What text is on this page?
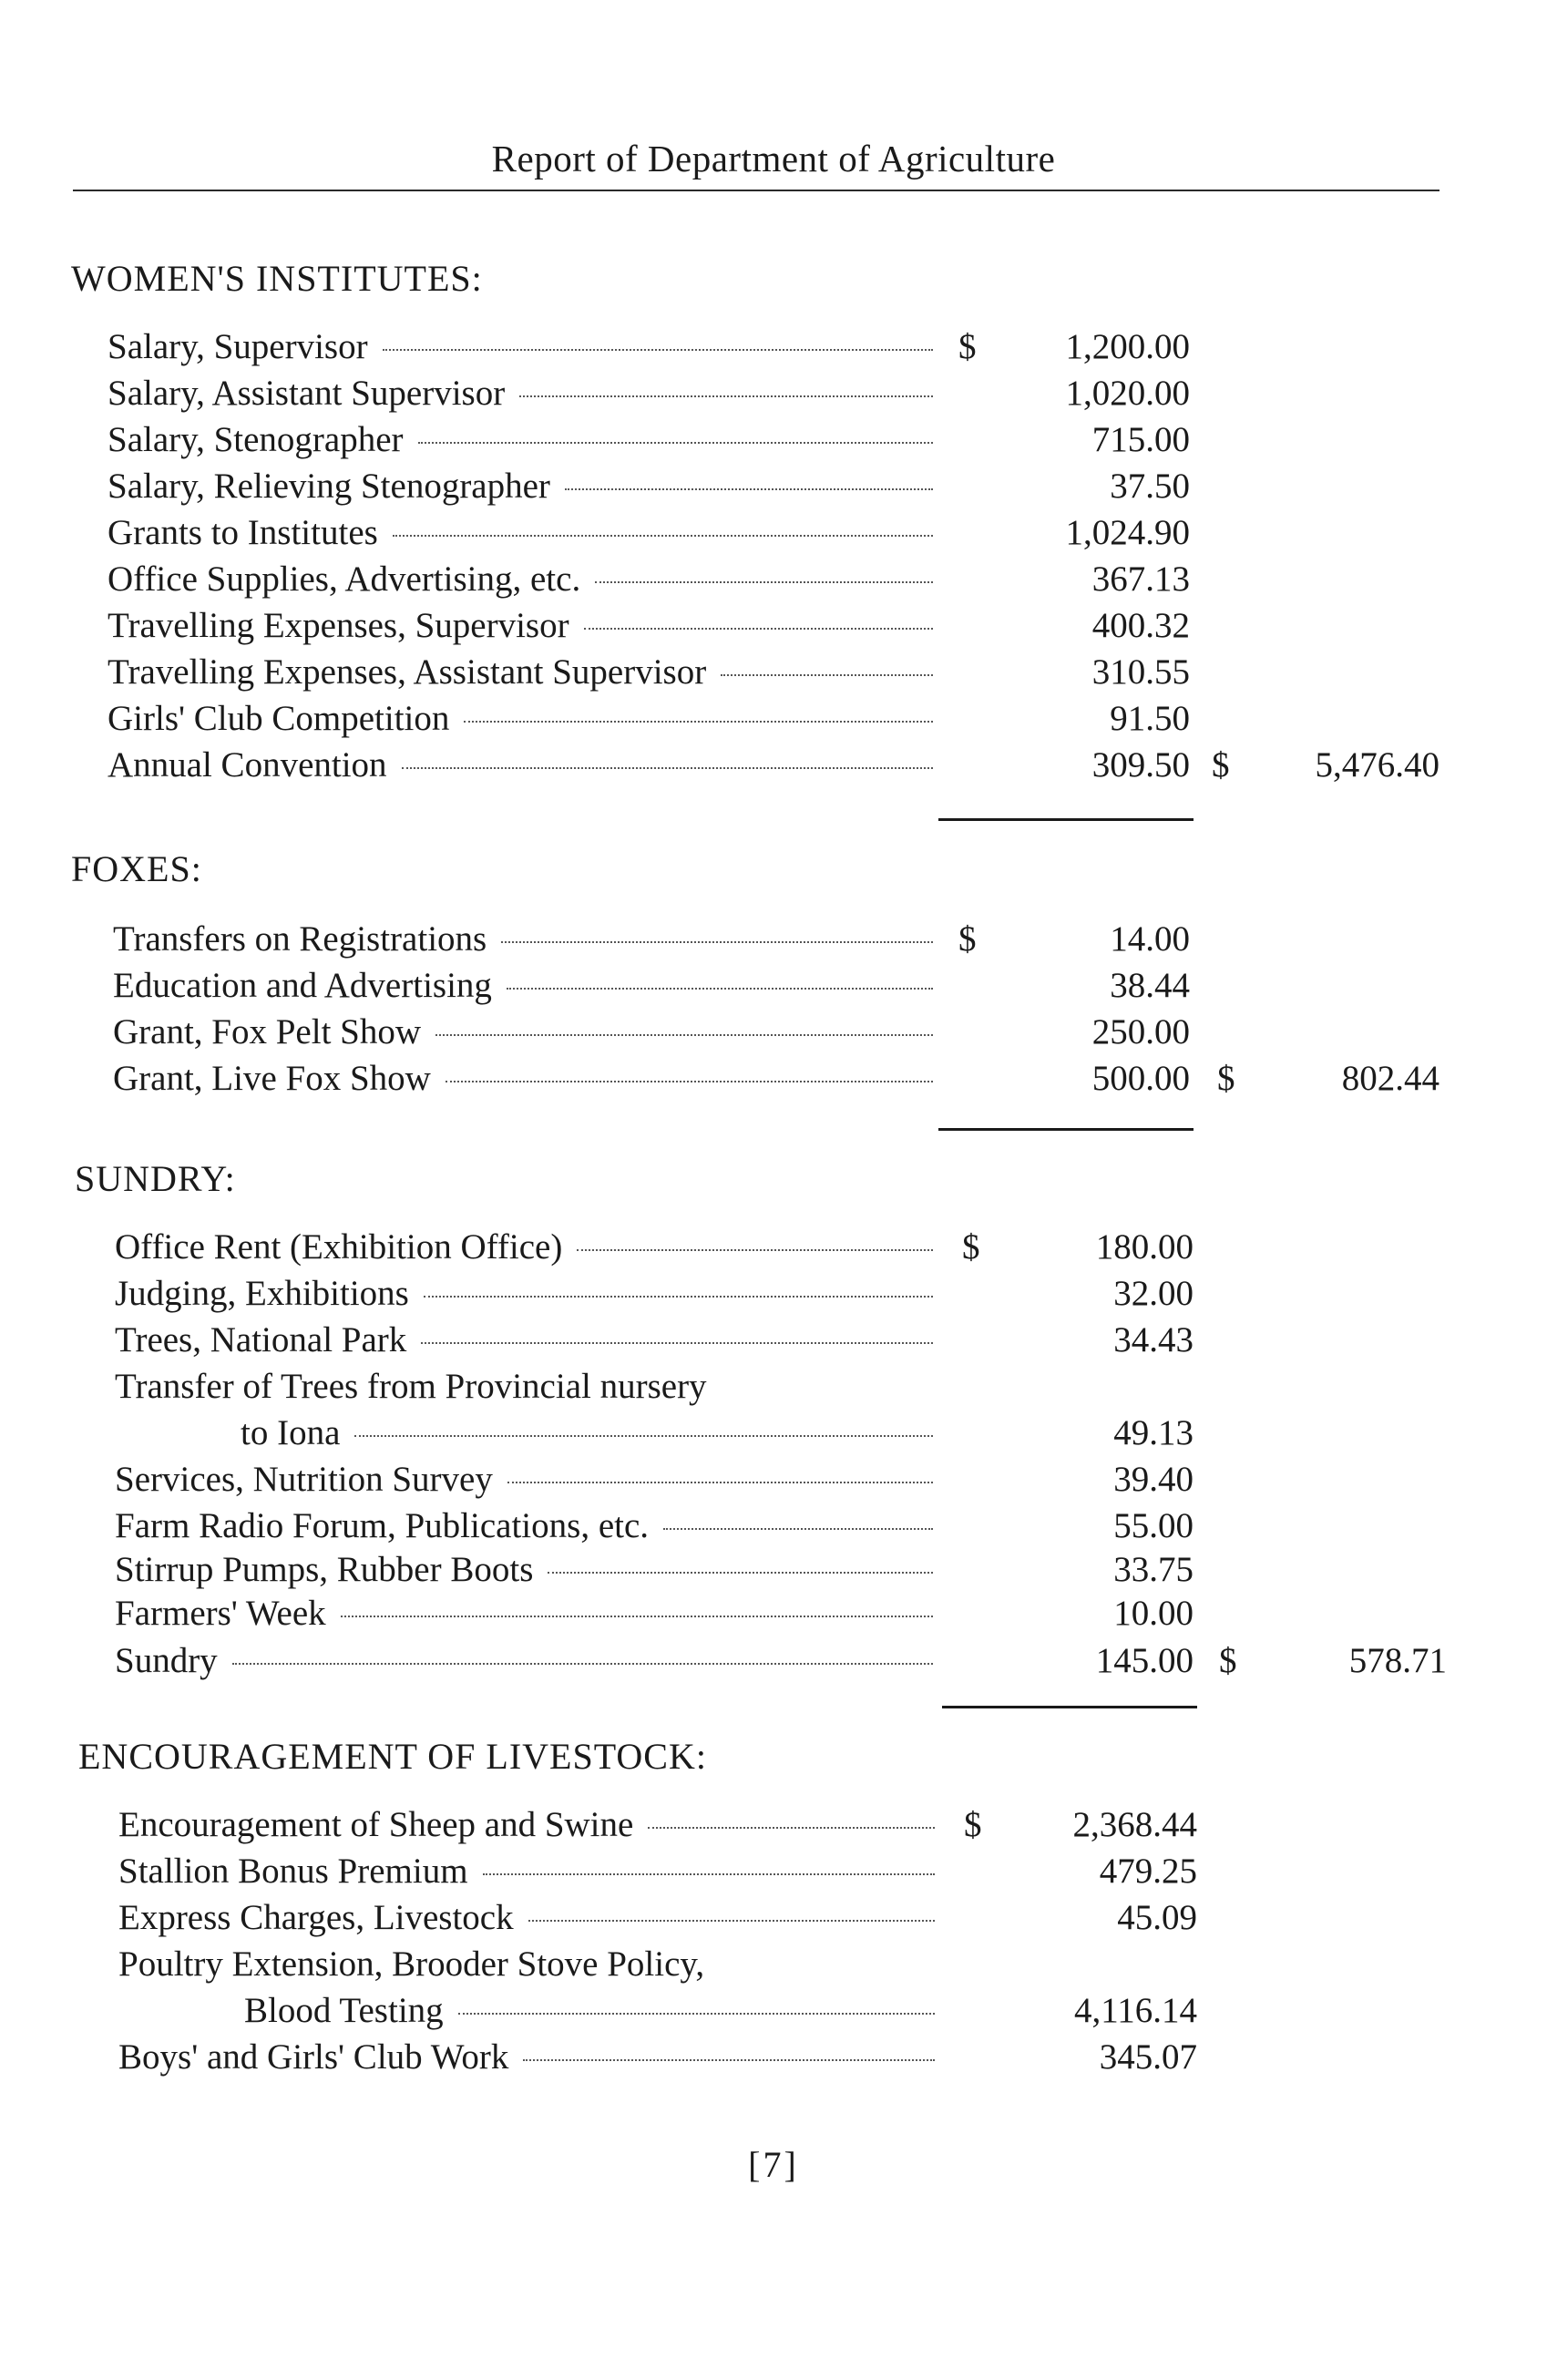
Report of Department of Agriculture
WOMEN'S INSTITUTES:
Salary, Supervisor	$	1,200.00
Salary, Assistant Supervisor	1,020.00
Salary, Stenographer	715.00
Salary, Relieving Stenographer	37.50
Grants to Institutes	1,024.90
Office Supplies, Advertising, etc.	367.13
Travelling Expenses, Supervisor	400.32
Travelling Expenses, Assistant Supervisor	310.55
Girls' Club Competition	91.50
Annual Convention	309.50 $	5,476.40
FOXES:
Transfers on Registrations	$	14.00
Education and Advertising	38.44
Grant, Fox Pelt Show	250.00
Grant, Live Fox Show	500.00 $	802.44
SUNDRY:
Office Rent (Exhibition Office)	$	180.00
Judging, Exhibitions	32.00
Trees, National Park	34.43
Transfer of Trees from Provincial nursery
to Iona	49.13
Services, Nutrition Survey	39.40
Farm Radio Forum, Publications, etc.	55.00
Stirrup Pumps, Rubber Boots	33.75
Farmers' Week	10.00
Sundry	145.00 $	578.71
ENCOURAGEMENT OF LIVESTOCK:
Encouragement of Sheep and Swine	$	2,368.44
Stallion Bonus Premium	479.25
Express Charges, Livestock	45.09
Poultry Extension, Brooder Stove Policy,
Blood Testing	4,116.14
Boys' and Girls' Club Work	345.07
[7]
